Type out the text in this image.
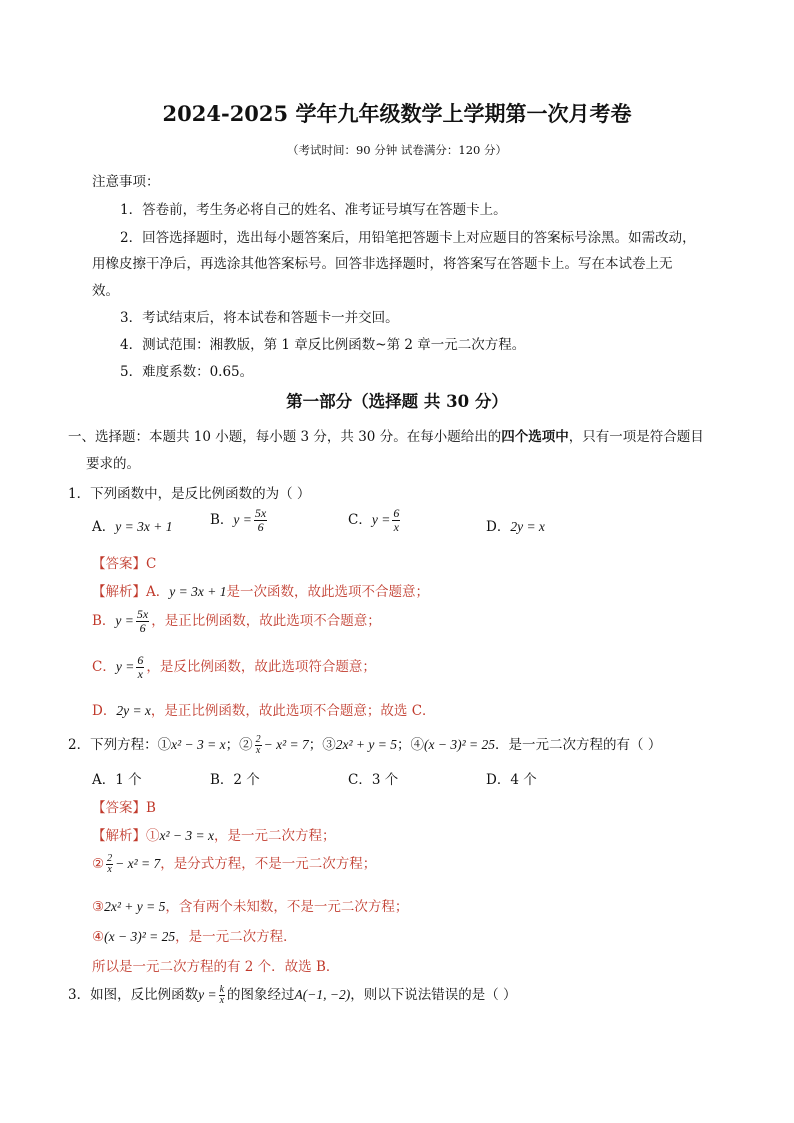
2024-2025 学年九年级数学上学期第一次月考卷
（考试时间：90 分钟 试卷满分：120 分）
注意事项：
1．答卷前，考生务必将自己的姓名、准考证号填写在答题卡上。
2．回答选择题时，选出每小题答案后，用铅笔把答题卡上对应题目的答案标号涂黑。如需改动，
用橡皮擦干净后，再选涂其他答案标号。回答非选择题时，将答案写在答题卡上。写在本试卷上无
效。
3．考试结束后，将本试卷和答题卡一并交回。
4．测试范围：湘教版，第 1 章反比例函数~第 2 章一元二次方程。
5．难度系数：0.65。
第一部分（选择题 共 30 分）
一、选择题：本题共 10 小题，每小题 3 分，共 30 分。在每小题给出的四个选项中，只有一项是符合题目
要求的。
1．下列函数中，是反比例函数的为（ ）
A．y = 3x + 1	B．$y = \frac{5x}{6}$	C．$y = \frac{6}{x}$	D．2y = x
【答案】C
【解析】A．y = 3x + 1是一次函数，故此选项不合题意；
B．$y = \frac{5x}{6}$ ，是正比例函数，故此选项不合题意；
C．$y = \frac{6}{x}$ ，是反比例函数，故此选项符合题意；
D．2y = x，是正比例函数，故此选项不合题意；故选 C．
2．下列方程：①x² − 3 = x；② $\frac{2}{x} - x^2 = 7$；③2x² + y = 5；④(x − 3)² = 25．是一元二次方程的有（ ）
A．1 个	B．2 个	C．3 个	D．4 个
【答案】B
【解析】①x² − 3 = x，是一元二次方程；
② $\frac{2}{x} - x^2 = 7$，是分式方程，不是一元二次方程；
③2x² + y = 5，含有两个未知数，不是一元二次方程；
④(x − 3)² = 25，是一元二次方程．
所以是一元二次方程的有 2 个．故选 B．
3．如图，反比例函数$y = \frac{k}{x}$ 的图象经过A(−1, −2)，则以下说法错误的是（ ）
